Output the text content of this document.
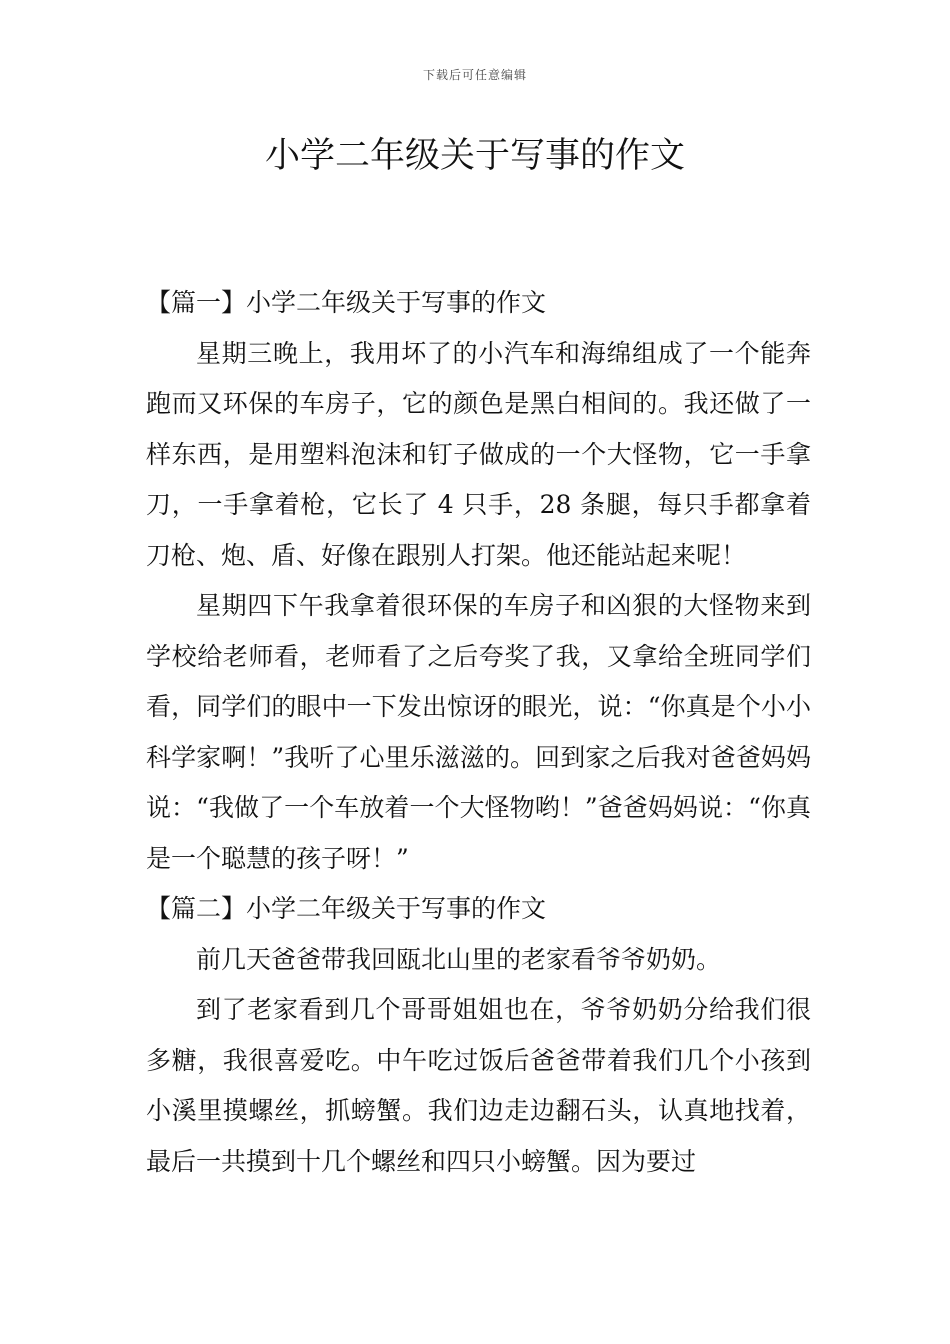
下载后可任意编辑
小学二年级关于写事的作文

【篇一】小学二年级关于写事的作文

星期三晚上，我用坏了的小汽车和海绵组成了一个能奔跑而又环保的车房子，它的颜色是黑白相间的。我还做了一样东西，是用塑料泡沫和钉子做成的一个大怪物，它一手拿刀，一手拿着枪，它长了 4 只手，28 条腿，每只手都拿着刀枪、炮、盾、好像在跟别人打架。他还能站起来呢！

星期四下午我拿着很环保的车房子和凶狠的大怪物来到学校给老师看，老师看了之后夸奖了我，又拿给全班同学们看，同学们的眼中一下发出惊讶的眼光，说：“你真是个小小科学家啊！”我听了心里乐滋滋的。回到家之后我对爸爸妈妈说：“我做了一个车放着一个大怪物哟！”爸爸妈妈说：“你真是一个聪慧的孩子呀！”

【篇二】小学二年级关于写事的作文

前几天爸爸带我回瓯北山里的老家看爷爷奶奶。

到了老家看到几个哥哥姐姐也在，爷爷奶奶分给我们很多糖，我很喜爱吃。中午吃过饭后爸爸带着我们几个小孩到小溪里摸螺丝，抓螃蟹。我们边走边翻石头，认真地找着，最后一共摸到十几个螺丝和四只小螃蟹。因为要过
